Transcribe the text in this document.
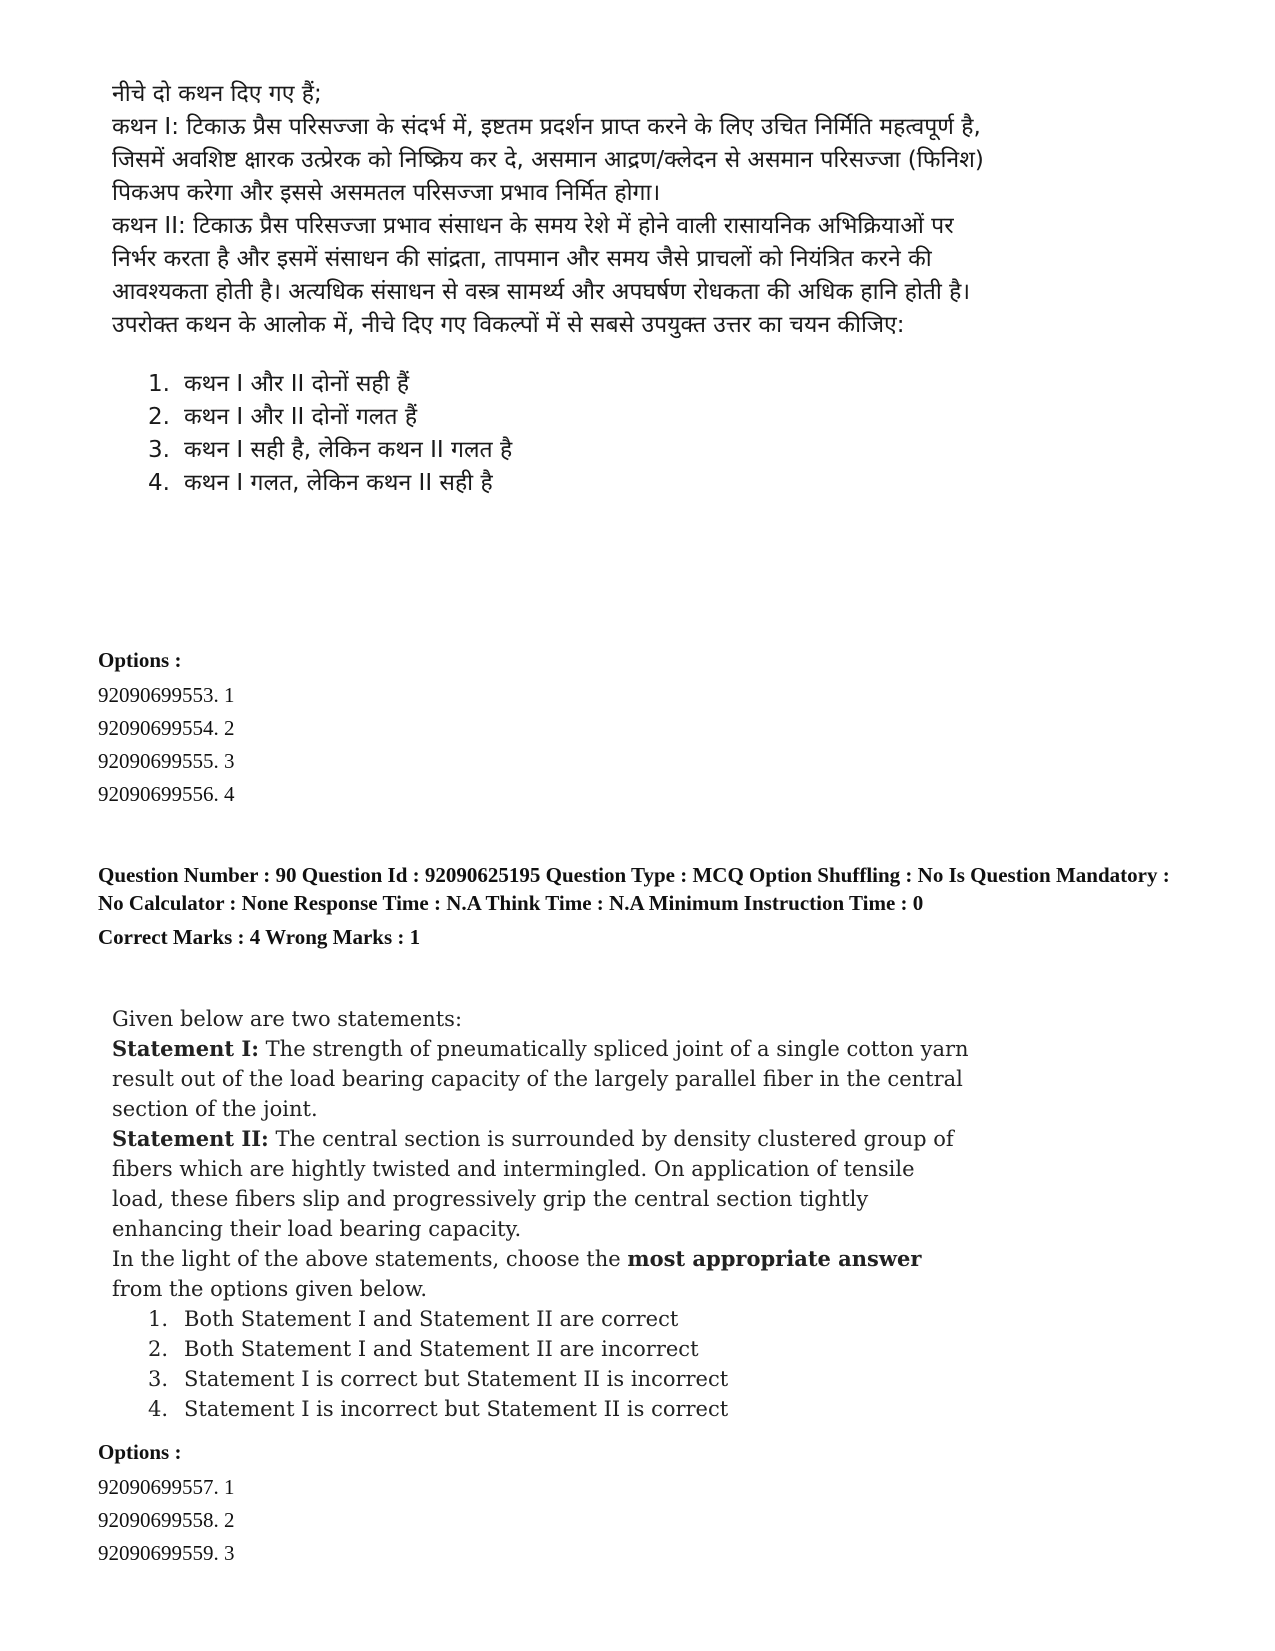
नीचे दो कथन दिए गए हैं;

कथन I: टिकाऊ प्रैस परिसज्जा के संदर्भ में, इष्टतम प्रदर्शन प्राप्त करने के लिए उचित निर्मिति महत्वपूर्ण है, जिसमें अवशिष्ट क्षारक उत्प्रेरक को निष्क्रिय कर दे, असमान आद्रण/क्लेदन से असमान परिसज्जा (फिनिश) पिकअप करेगा और इससे असमतल परिसज्जा प्रभाव निर्मित होगा।

कथन II: टिकाऊ प्रैस परिसज्जा प्रभाव संसाधन के समय रेशे में होने वाली रासायनिक अभिक्रियाओं पर निर्भर करता है और इसमें संसाधन की सांद्रता, तापमान और समय जैसे प्राचलों को नियंत्रित करने की आवश्यकता होती है। अत्यधिक संसाधन से वस्त्र सामर्थ्य और अपघर्षण रोधकता की अधिक हानि होती है।

उपरोक्त कथन के आलोक में, नीचे दिए गए विकल्पों में से सबसे उपयुक्त उत्तर का चयन कीजिए:

1. कथन I और II दोनों सही हैं
2. कथन I और II दोनों गलत हैं
3. कथन I सही है, लेकिन कथन II गलत है
4. कथन I गलत, लेकिन कथन II सही है

Options :

92090699553. 1

92090699554. 2

92090699555. 3

92090699556. 4

Question Number : 90 Question Id : 92090625195 Question Type : MCQ Option Shuffling : No Is Question Mandatory : No Calculator : None Response Time : N.A Think Time : N.A Minimum Instruction Time : 0

Correct Marks : 4 Wrong Marks : 1

Given below are two statements:

Statement I: The strength of pneumatically spliced joint of a single cotton yarn result out of the load bearing capacity of the largely parallel fiber in the central section of the joint.

Statement II: The central section is surrounded by density clustered group of fibers which are hightly twisted and intermingled. On application of tensile load, these fibers slip and progressively grip the central section tightly enhancing their load bearing capacity.

In the light of the above statements, choose the most appropriate answer from the options given below.

1. Both Statement I and Statement II are correct
2. Both Statement I and Statement II are incorrect
3. Statement I is correct but Statement II is incorrect
4. Statement I is incorrect but Statement II is correct

Options :

92090699557. 1

92090699558. 2

92090699559. 3
